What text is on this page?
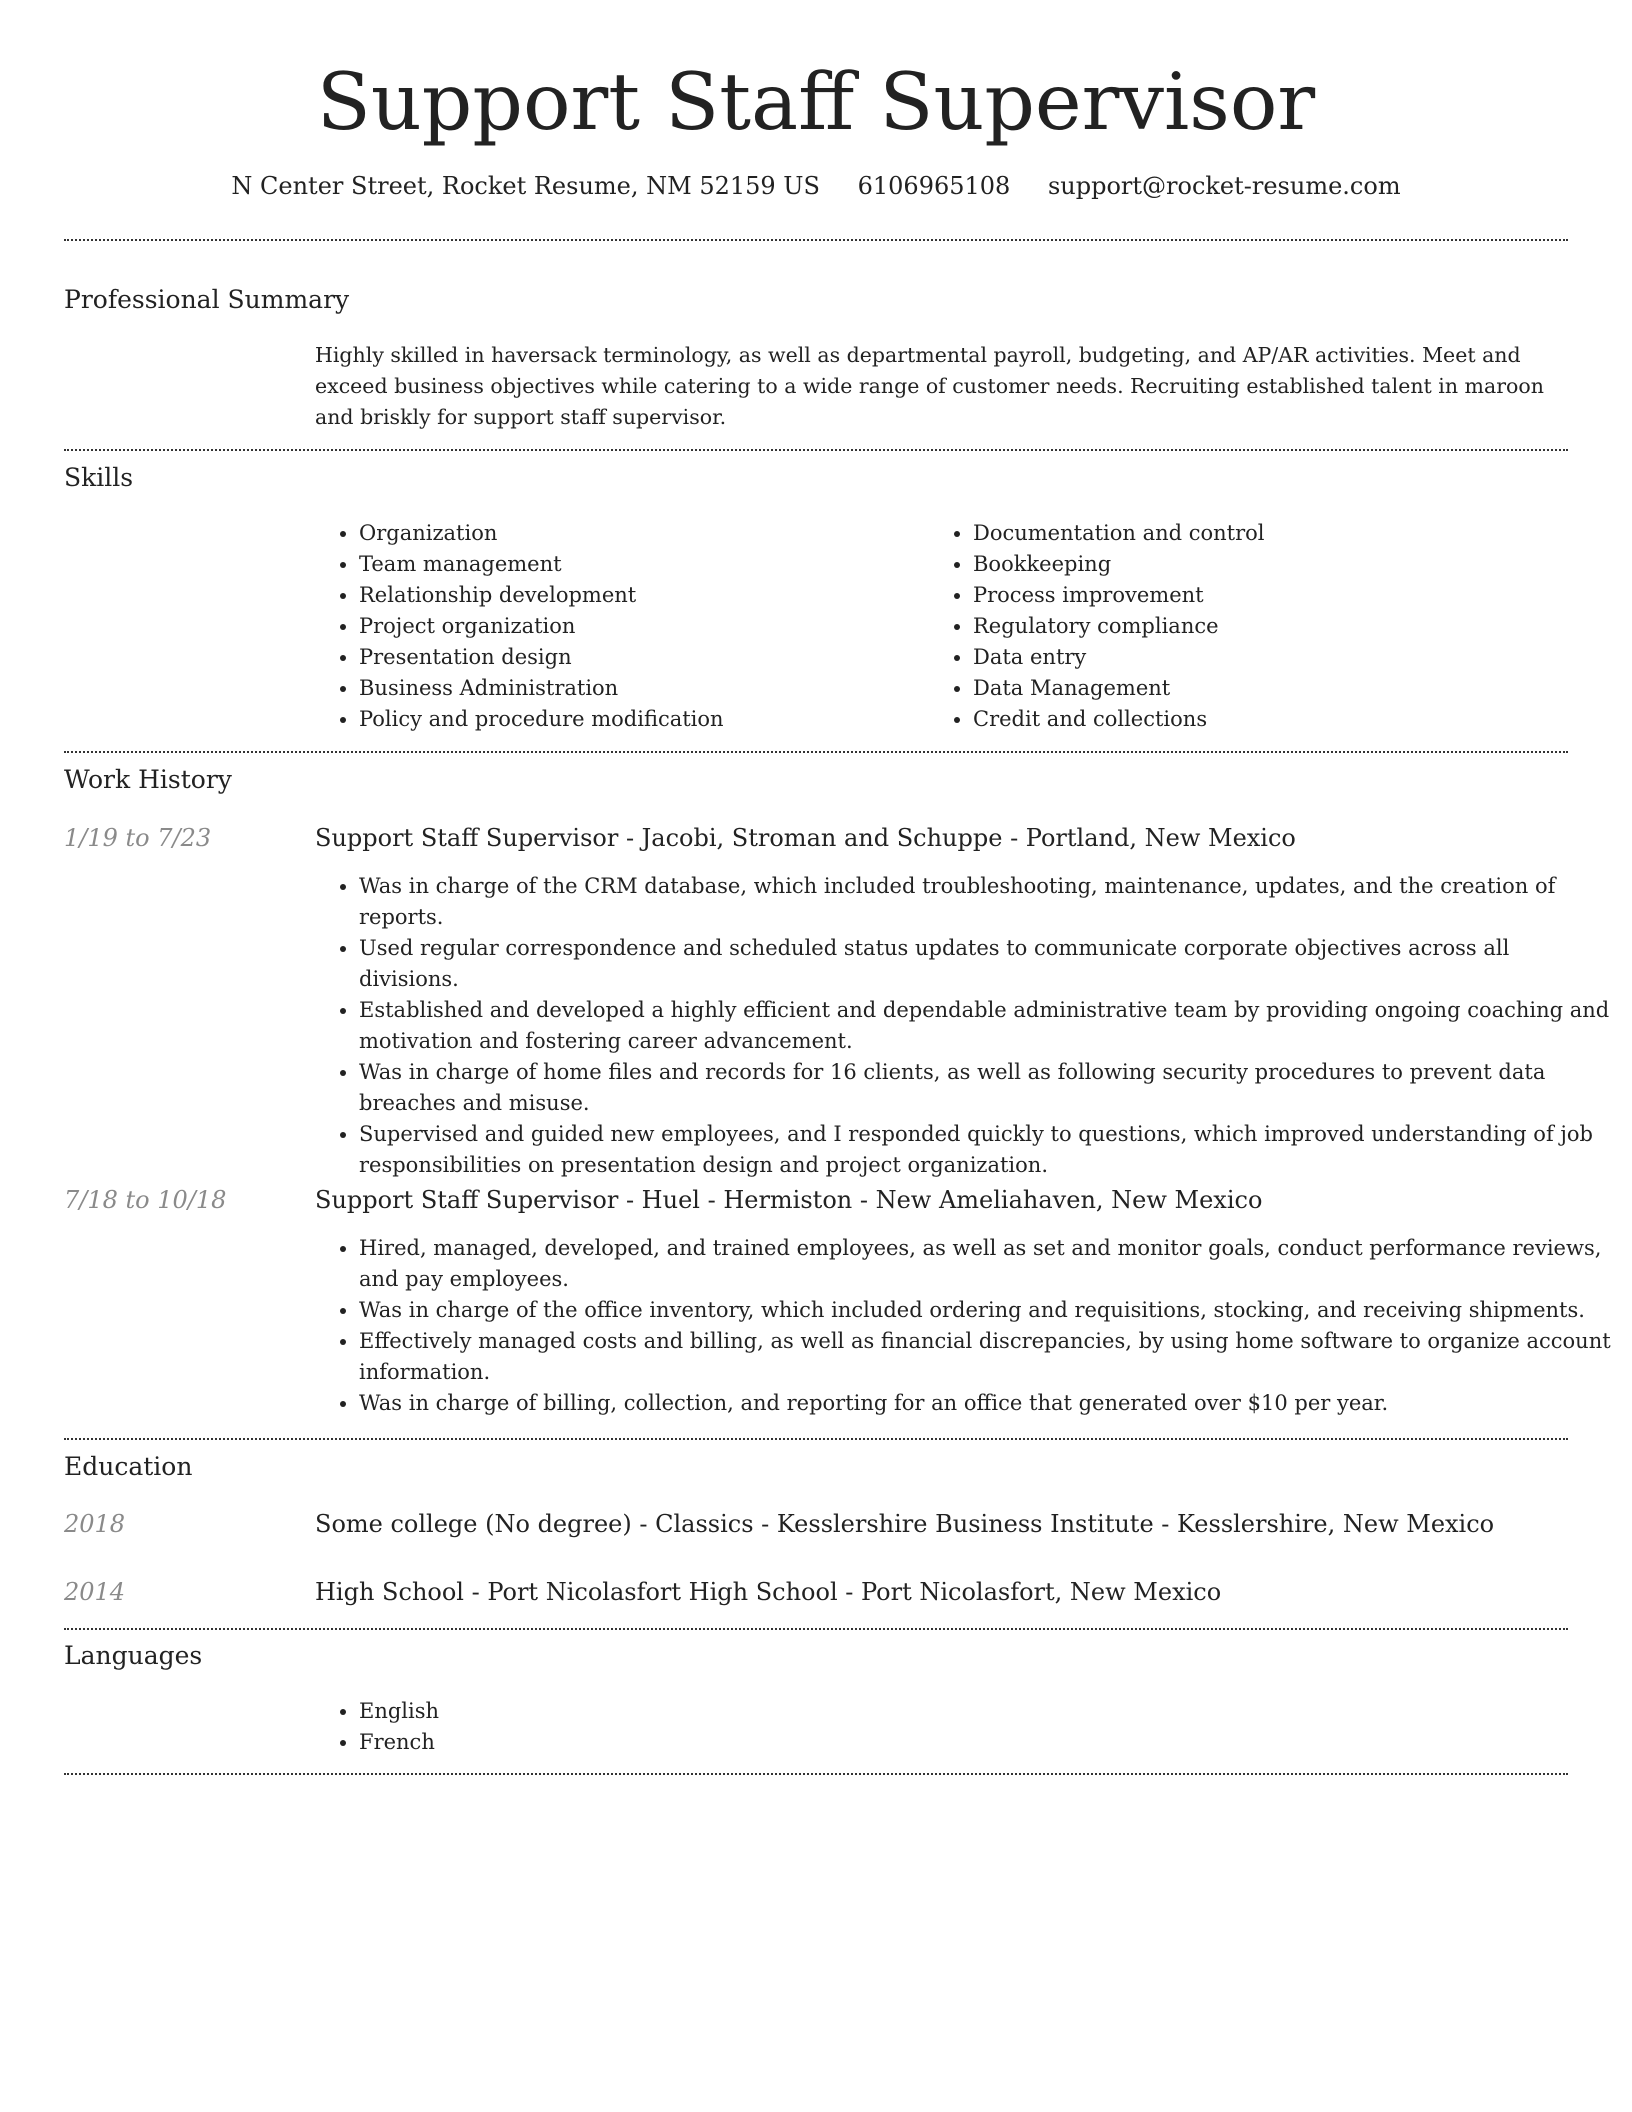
Support Staff Supervisor
N Center Street, Rocket Resume, NM 52159 US 6106965108 support@rocket-resume.com
Professional Summary

Highly skilled in haversack terminology, as well as departmental payroll, budgeting, and AP/AR activities. Meet and exceed business objectives while catering to a wide range of customer needs. Recruiting established talent in maroon and briskly for support staff supervisor.

Skills
• Organization
• Team management
• Relationship development
• Project organization
• Presentation design
• Business Administration
• Policy and procedure modification
• Documentation and control
• Bookkeeping
• Process improvement
• Regulatory compliance
• Data entry
• Data Management
• Credit and collections
Work History
1/19 to 7/23	Support Staff Supervisor - Jacobi, Stroman and Schuppe - Portland, New Mexico
• Was in charge of the CRM database, which included troubleshooting, maintenance, updates, and the creation of reports.
• Used regular correspondence and scheduled status updates to communicate corporate objectives across all divisions.
• Established and developed a highly efficient and dependable administrative team by providing ongoing coaching and motivation and fostering career advancement.
• Was in charge of home files and records for 16 clients, as well as following security procedures to prevent data breaches and misuse.
• Supervised and guided new employees, and I responded quickly to questions, which improved understanding of job responsibilities on presentation design and project organization.
7/18 to 10/18	Support Staff Supervisor - Huel - Hermiston - New Ameliahaven, New Mexico
• Hired, managed, developed, and trained employees, as well as set and monitor goals, conduct performance reviews, and pay employees.
• Was in charge of the office inventory, which included ordering and requisitions, stocking, and receiving shipments.
• Effectively managed costs and billing, as well as financial discrepancies, by using home software to organize account information.
• Was in charge of billing, collection, and reporting for an office that generated over $10 per year.
Education
2018	Some college (No degree) - Classics - Kesslershire Business Institute - Kesslershire, New Mexico
2014	High School - Port Nicolasfort High School - Port Nicolasfort, New Mexico
Languages
• English
• French
